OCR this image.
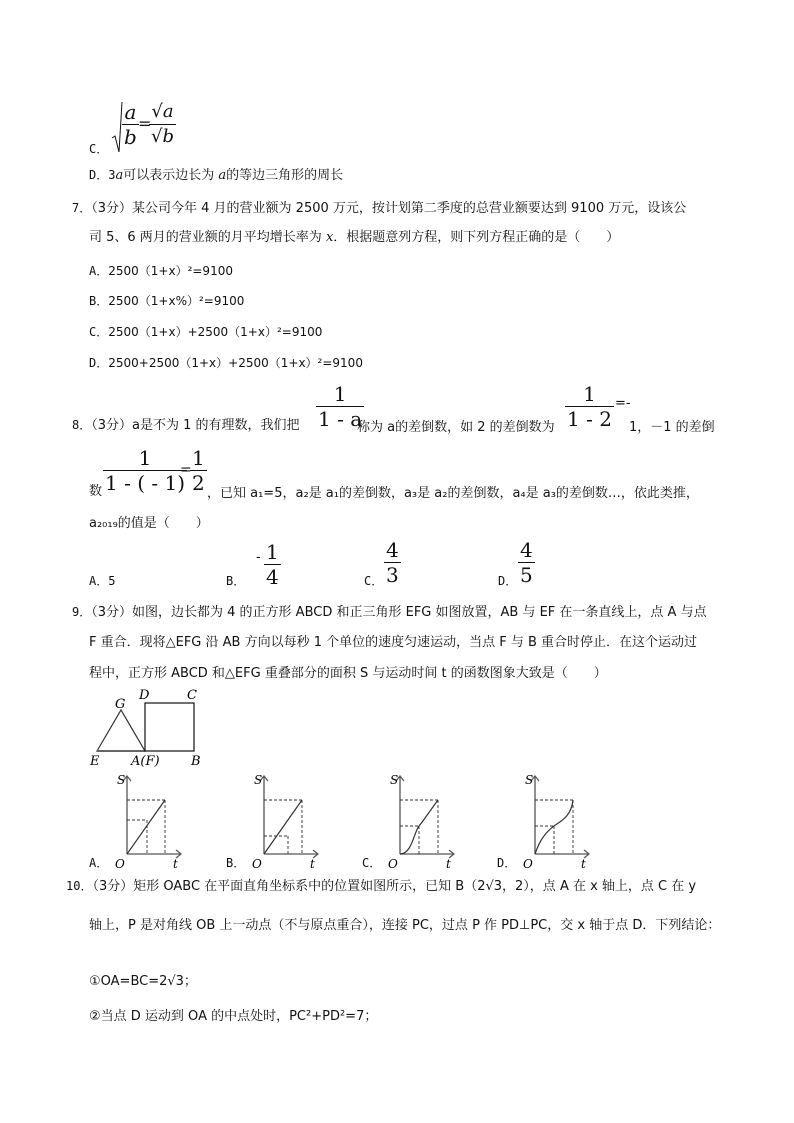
C． $\frac{a}{b}$ =
$\frac{√a}{√b}$
D．3a可以表示边长为 a的等边三角形的周长
7．（3分）某公司今年 4 月的营业额为 2500 万元，按计划第二季度的总营业额要达到 9100 万元，设该公
司 5、6 两月的营业额的月平均增长率为 x．根据题意列方程，则下列方程正确的是（　　）
A．2500（1+x）²=9100
B．2500（1+x%）²=9100
C．2500（1+x）+2500（1+x）²=9100
D．2500+2500（1+x）+2500（1+x）²=9100
8．（3分）a是不为 1 的有理数，我们把 $\frac{1}{1 - a}$
称为 a的差倒数，如 2 的差倒数为 $\frac{1}{1 - 2}$ =-
1，－1 的差倒
数 $\frac{1}{1 - ( - 1)}$
=
$\frac{1}{2}$ ，已知 a₁=5，a₂是 a₁的差倒数，a₃是 a₂的差倒数，a₄是 a₃的差倒数…，依此类推，
a₂₀₁₉的值是（　　）
A．5	B．
- $\frac{1}{4}$	C． $\frac{4}{3}$	D． $\frac{4}{5}$
9．（3分）如图，边长都为 4 的正方形 ABCD 和正三角形 EFG 如图放置，AB 与 EF 在一条直线上，点 A 与点
F 重合．现将△EFG 沿 AB 方向以每秒 1 个单位的速度匀速运动，当点 F 与 B 重合时停止．在这个运动过
程中，正方形 ABCD 和△EFG 重叠部分的面积 S 与运动时间 t 的函数图象大致是（　　）
G
D	C
E A(F) B
A．
S
t
O	B．
S
t
O	C．
S
t
O	D．
S
t
O
10．（3分）矩形 OABC 在平面直角坐标系中的位置如图所示，已知 B（2√3，2），点 A 在 x 轴上，点 C 在 y
轴上，P 是对角线 OB 上一动点（不与原点重合），连接 PC，过点 P 作 PD⊥PC，交 x 轴于点 D．下列结论：
①OA=BC=2√3；
②当点 D 运动到 OA 的中点处时，PC²+PD²=7；
